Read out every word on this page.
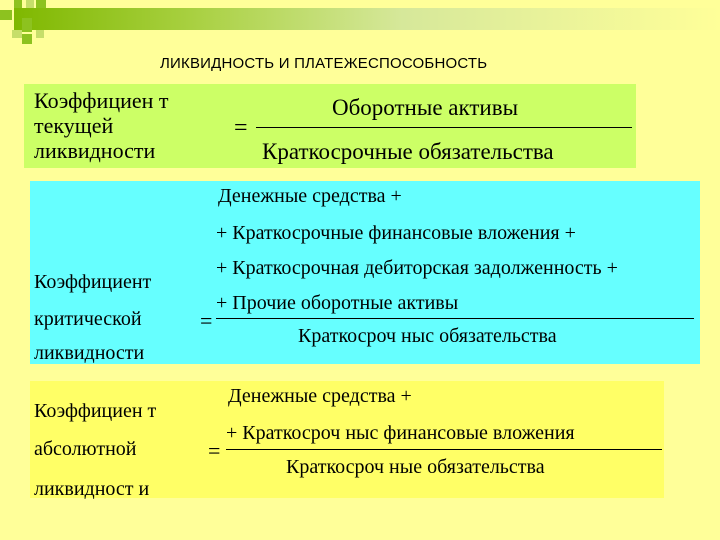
ЛИКВИДНОСТЬ И ПЛАТЕЖЕСПОСОБНОСТЬ
Коэффициен т
текущей
ликвидности
=
Оборотные активы
Краткосрочные обязательства
Коэффициент
критической
ликвидности
=
Денежные средства +
+ Краткосрочные финансовые вложения +
+ Краткосрочная дебиторская задолженность +
+ Прочие оборотные активы
Краткосроч ныс обязательства
Коэффициен т
абсолютной
ликвидност и
=
Денежные средства +
+ Краткосроч ныс финансовые вложения
Краткосроч ные обязательства
